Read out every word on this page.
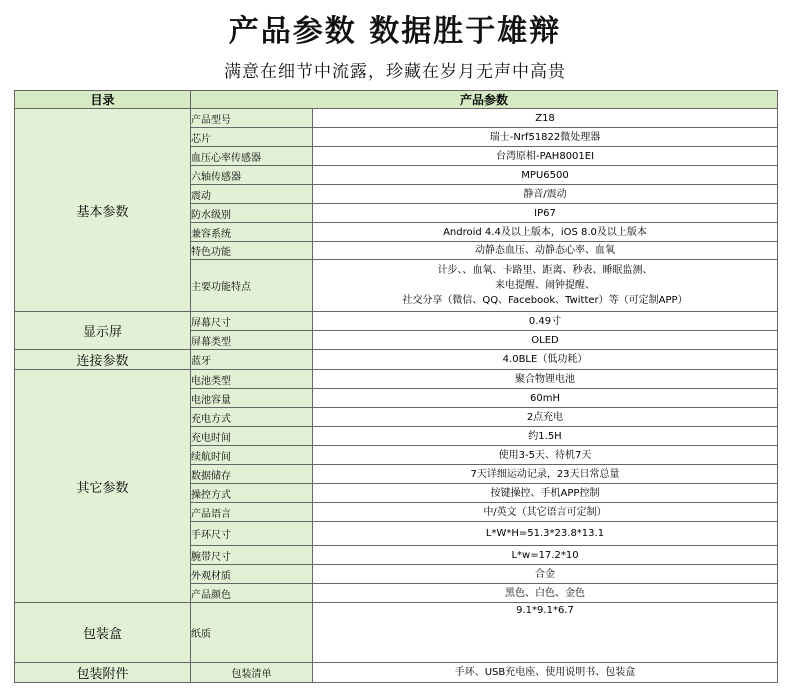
产品参数 数据胜于雄辩
满意在细节中流露，珍藏在岁月无声中高贵
目录	产品参数	
基本参数	产品型号	Z18

	芯片	瑞士-Nrf51822微处理器

	血压心率传感器	台湾原相-PAH8001EI

	六轴传感器	MPU6500

	震动	静音/震动

	防水级别	IP67

	兼容系统	Android 4.4及以上版本，iOS 8.0及以上版本

	特色功能	动静态血压、动静态心率、血氧

	主要功能特点	计步、、血氧、卡路里、距离、秒表、睡眠监测、
来电提醒、闹钟提醒、
社交分享（微信、QQ、Facebook、Twitter）等（可定制APP）

显示屏	屏幕尺寸	0.49寸

	屏幕类型	OLED

连接参数	蓝牙	4.0BLE（低功耗）

其它参数	电池类型	聚合物锂电池

	电池容量	60mH

	充电方式	2点充电

	充电时间	约1.5H

	续航时间	使用3-5天、待机7天

	数据储存	7天详细运动记录，23天日常总量

	操控方式	按键操控、手机APP控制

	产品语言	中/英文（其它语言可定制）

	手环尺寸	L*W*H=51.3*23.8*13.1

	腕带尺寸	L*w=17.2*10

	外观材质	合金

	产品颜色	黑色、白色、金色

包装盒	纸质	9.1*9.1*6.7

包装附件	包装清单	手环、USB充电座、使用说明书、包装盒
